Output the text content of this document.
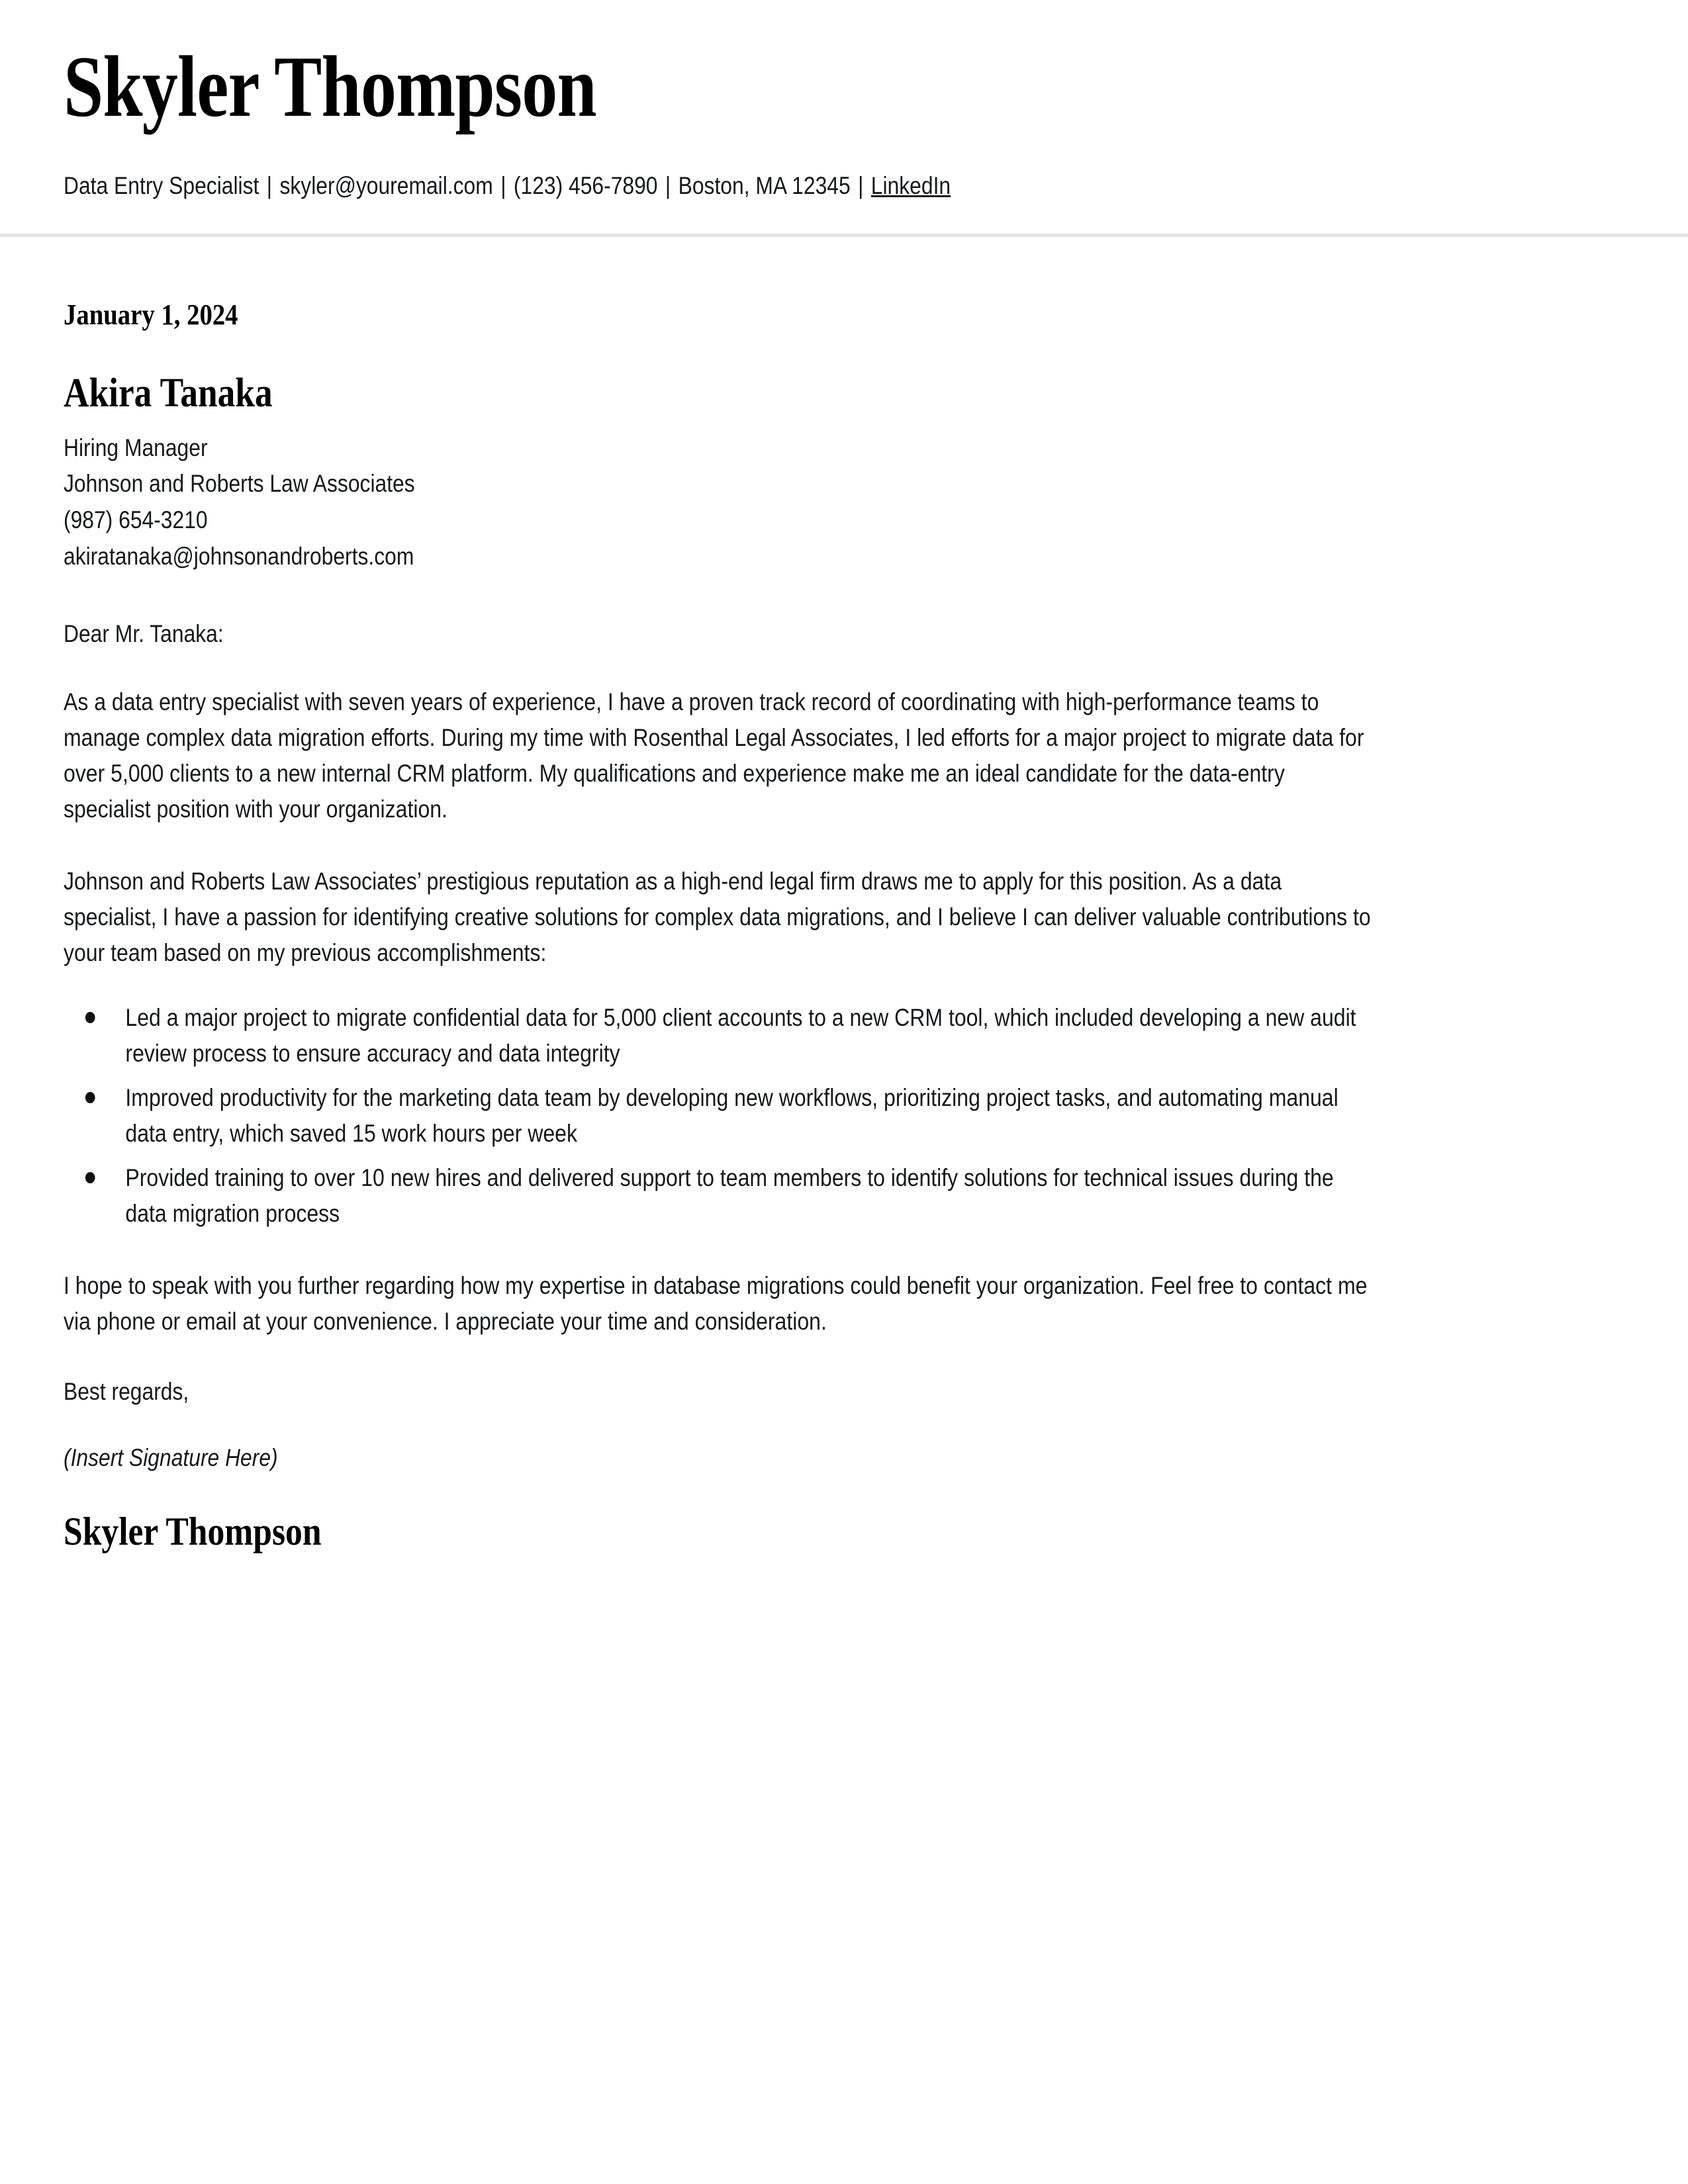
Skyler Thompson
Data Entry Specialist | skyler@youremail.com | (123) 456-7890 | Boston, MA 12345 | LinkedIn
January 1, 2024
Akira Tanaka
Hiring Manager
Johnson and Roberts Law Associates
(987) 654-3210
akiratanaka@johnsonandroberts.com
Dear Mr. Tanaka:

As a data entry specialist with seven years of experience, I have a proven track record of coordinating with high-performance teams to manage complex data migration efforts. During my time with Rosenthal Legal Associates, I led efforts for a major project to migrate data for over 5,000 clients to a new internal CRM platform. My qualifications and experience make me an ideal candidate for the data-entry specialist position with your organization.

Johnson and Roberts Law Associates’ prestigious reputation as a high-end legal firm draws me to apply for this position. As a data specialist, I have a passion for identifying creative solutions for complex data migrations, and I believe I can deliver valuable contributions to your team based on my previous accomplishments:

Led a major project to migrate confidential data for 5,000 client accounts to a new CRM tool, which included developing a new audit review process to ensure accuracy and data integrity
Improved productivity for the marketing data team by developing new workflows, prioritizing project tasks, and automating manual data entry, which saved 15 work hours per week
Provided training to over 10 new hires and delivered support to team members to identify solutions for technical issues during the data migration process

I hope to speak with you further regarding how my expertise in database migrations could benefit your organization. Feel free to contact me via phone or email at your convenience. I appreciate your time and consideration.

Best regards,
(Insert Signature Here)
Skyler Thompson
